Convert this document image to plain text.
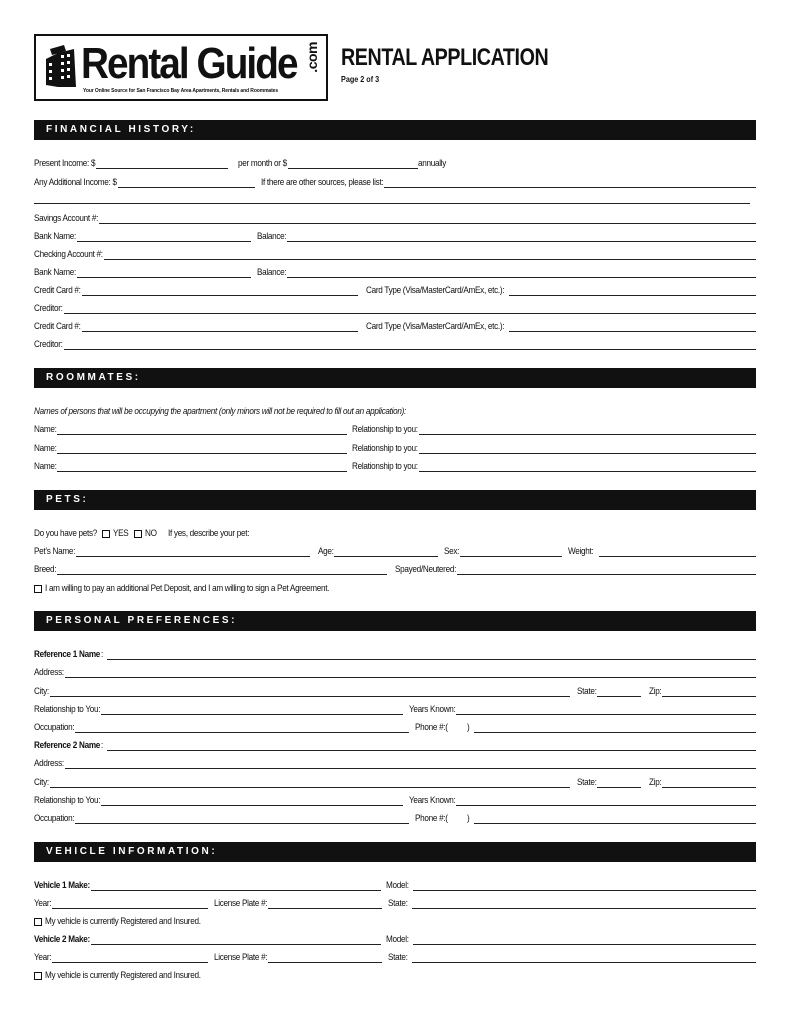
Rental Guide .com
Your Online Source for San Francisco Bay Area Apartments, Rentals and Roommates
RENTAL APPLICATION
Page 2 of 3
FINANCIAL HISTORY:
Present Income: $	per month or $	annually
Any Additional Income: $	If there are other sources, please list:
Savings Account #:
Bank Name:	Balance:
Checking Account #:
Bank Name:	Balance:
Credit Card #:	Card Type (Visa/MasterCard/AmEx, etc.):
Creditor:
Credit Card #:	Card Type (Visa/MasterCard/AmEx, etc.):
Creditor:
ROOMMATES:
Names of persons that will be occupying the apartment (only minors will not be required to fill out an application):
Name:	Relationship to you:
Name:	Relationship to you:
Name:	Relationship to you:
PETS:
Do you have pets? YES NO If yes, describe your pet:
Pet’s Name:	Age:	Sex:	Weight:
Breed:	Spayed/Neutered:
I am willing to pay an additional Pet Deposit, and I am willing to sign a Pet Agreement.
PERSONAL PREFERENCES:
Reference 1 Name :
Address:
City:	State:	Zip:
Relationship to You:	Years Known:
Occupation:	Phone #:( )
Reference 2 Name :
Address:
City:	State:	Zip:
Relationship to You:	Years Known:
Occupation:	Phone #:( )
VEHICLE INFORMATION:
Vehicle 1 Make:	Model:
Year:	License Plate #:	State:
My vehicle is currently Registered and Insured.
Vehicle 2 Make:	Model:
Year:	License Plate #:	State:
My vehicle is currently Registered and Insured.
